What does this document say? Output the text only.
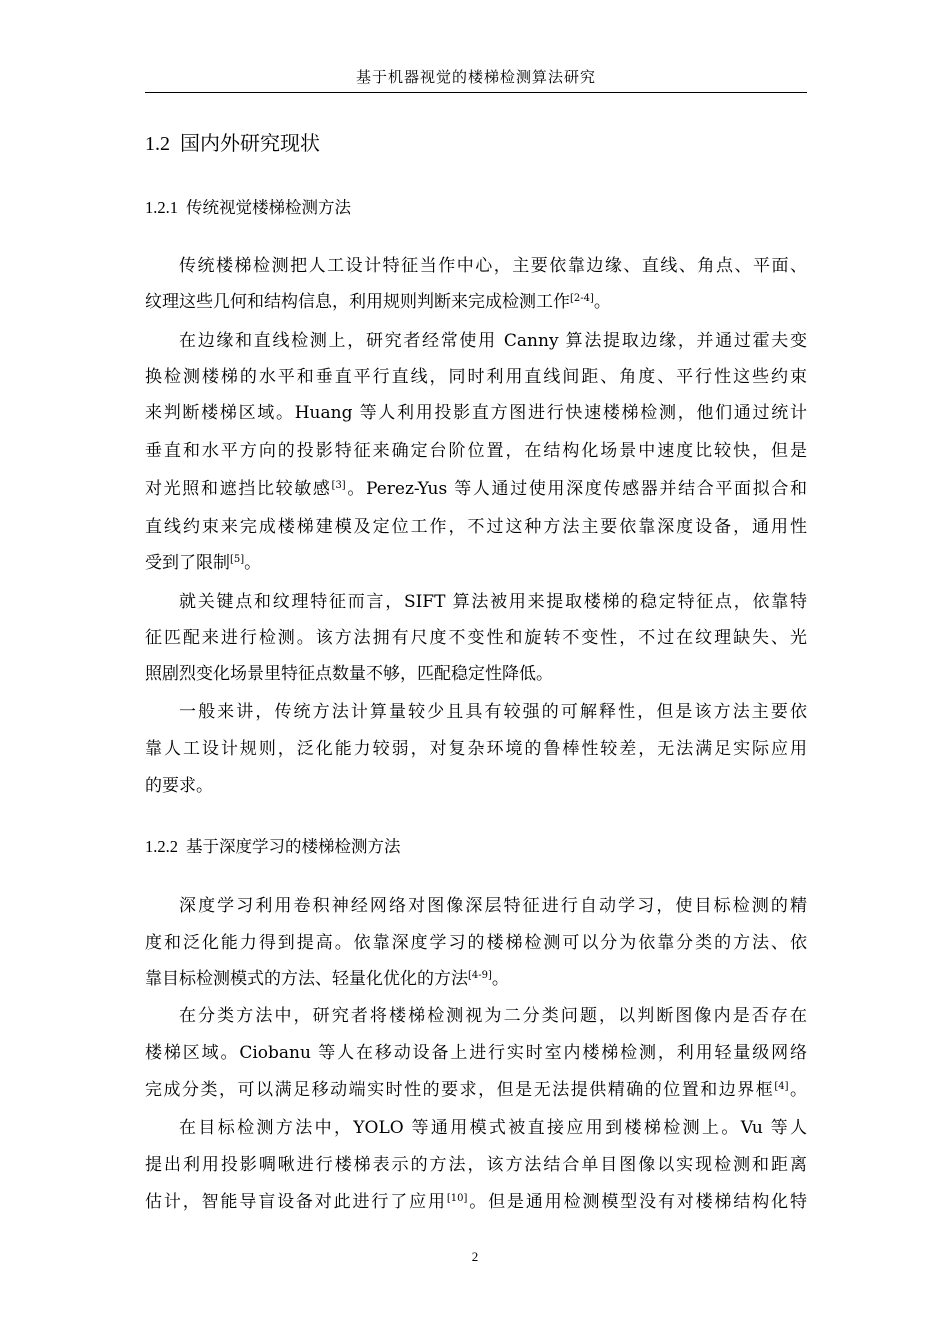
基于机器视觉的楼梯检测算法研究
1.2 国内外研究现状
1.2.1 传统视觉楼梯检测方法
传统楼梯检测把人工设计特征当作中心，主要依靠边缘、直线、角点、平面、
纹理这些几何和结构信息，利用规则判断来完成检测工作[2-4]。
在边缘和直线检测上，研究者经常使用 Canny 算法提取边缘，并通过霍夫变
换检测楼梯的水平和垂直平行直线，同时利用直线间距、角度、平行性这些约束
来判断楼梯区域。Huang 等人利用投影直方图进行快速楼梯检测，他们通过统计
垂直和水平方向的投影特征来确定台阶位置，在结构化场景中速度比较快，但是
对光照和遮挡比较敏感[3]。Perez-Yus 等人通过使用深度传感器并结合平面拟合和
直线约束来完成楼梯建模及定位工作，不过这种方法主要依靠深度设备，通用性
受到了限制[5]。
就关键点和纹理特征而言，SIFT 算法被用来提取楼梯的稳定特征点，依靠特
征匹配来进行检测。该方法拥有尺度不变性和旋转不变性，不过在纹理缺失、光
照剧烈变化场景里特征点数量不够，匹配稳定性降低。
一般来讲，传统方法计算量较少且具有较强的可解释性，但是该方法主要依
靠人工设计规则，泛化能力较弱，对复杂环境的鲁棒性较差，无法满足实际应用
的要求。
1.2.2 基于深度学习的楼梯检测方法
深度学习利用卷积神经网络对图像深层特征进行自动学习，使目标检测的精
度和泛化能力得到提高。依靠深度学习的楼梯检测可以分为依靠分类的方法、依
靠目标检测模式的方法、轻量化优化的方法[4-9]。
在分类方法中，研究者将楼梯检测视为二分类问题，以判断图像内是否存在
楼梯区域。Ciobanu 等人在移动设备上进行实时室内楼梯检测，利用轻量级网络
完成分类，可以满足移动端实时性的要求，但是无法提供精确的位置和边界框[4]。
在目标检测方法中，YOLO 等通用模式被直接应用到楼梯检测上。Vu 等人
提出利用投影啁啾进行楼梯表示的方法，该方法结合单目图像以实现检测和距离
估计，智能导盲设备对此进行了应用[10]。但是通用检测模型没有对楼梯结构化特
2
